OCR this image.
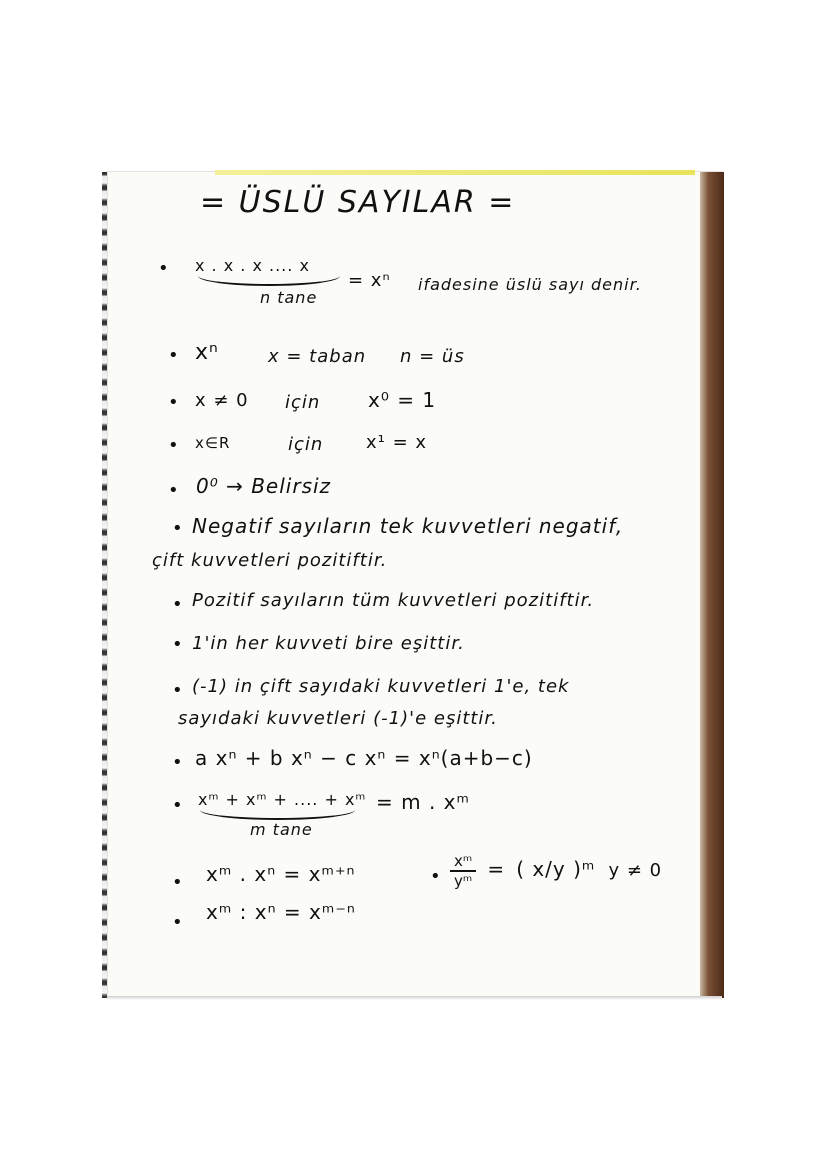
= ÜSLÜ SAYILAR =
• x . x . x .... x
n tane
= xⁿ ifadesine üslü sayı denir.
• xⁿ	x = taban n = üs
• x ≠ 0 için x⁰ = 1
• x∈R	için x¹ = x
• 0⁰ → Belirsiz
• Negatif sayıların tek kuvvetleri negatif,
çift kuvvetleri pozitiftir.
• Pozitif sayıların tüm kuvvetleri pozitiftir.
• 1'in her kuvveti bire eşittir.
• (-1) in çift sayıdaki kuvvetleri 1'e, tek
sayıdaki kuvvetleri (-1)'e eşittir.
• a xⁿ + b xⁿ − c xⁿ = xⁿ(a+b−c)
• xᵐ + xᵐ + .... + xᵐ
m tane
= m . xᵐ
• xᵐ . xⁿ = xᵐ⁺ⁿ
• xᵐ : xⁿ = xᵐ⁻ⁿ
• $\frac{\text{xᵐ}}{\text{yᵐ}}$ = ( x/y )ᵐ y ≠ 0
